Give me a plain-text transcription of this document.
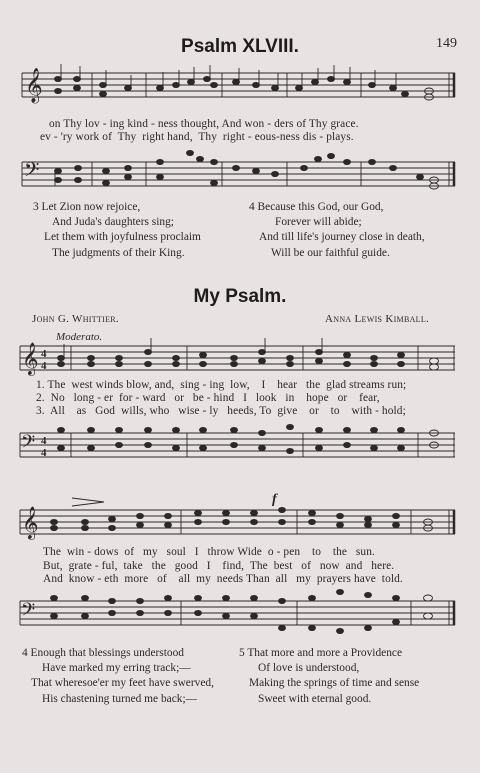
149
Psalm XLVIII.
𝄞
on Thy lov - ing kind - ness thought, And won - ders of Thy grace.
ev - 'ry work of  Thy  right hand,  Thy  right - eous-ness dis - plays.
𝄢
3 Let Zion now rejoice,
And Juda's daughters sing;
Let them with joyfulness proclaim
The judgments of their King.
4 Because this God, our God,
Forever will abide;
And till life's journey close in death,
Will be our faithful guide.
My Psalm.
John G. Whittier.	Anna Lewis Kimball.
Moderato.
𝄞 4
4
1. The  west winds blow, and,  sing - ing  low,    I    hear   the  glad streams run;
2.  No   long - er  for - ward   or   be - hind   I   look   in    hope   or    fear,
3.  All    as   God  wills, who   wise - ly   heeds, To  give    or    to    with - hold;
𝄢 4
4
𝄞
f
The  win - dows  of   my   soul   I   throw Wide  o - pen    to    the   sun.
But,  grate - ful,  take   the   good   I    find,  The  best   of   now  and   here.
And  know - eth  more   of    all  my  needs Than  all   my  prayers have  told.
𝄢
4 Enough that blessings understood
Have marked my erring track;—
That wheresoe'er my feet have swerved,
His chastening turned me back;—
5 That more and more a Providence
Of love is understood,
Making the springs of time and sense
Sweet with eternal good.
